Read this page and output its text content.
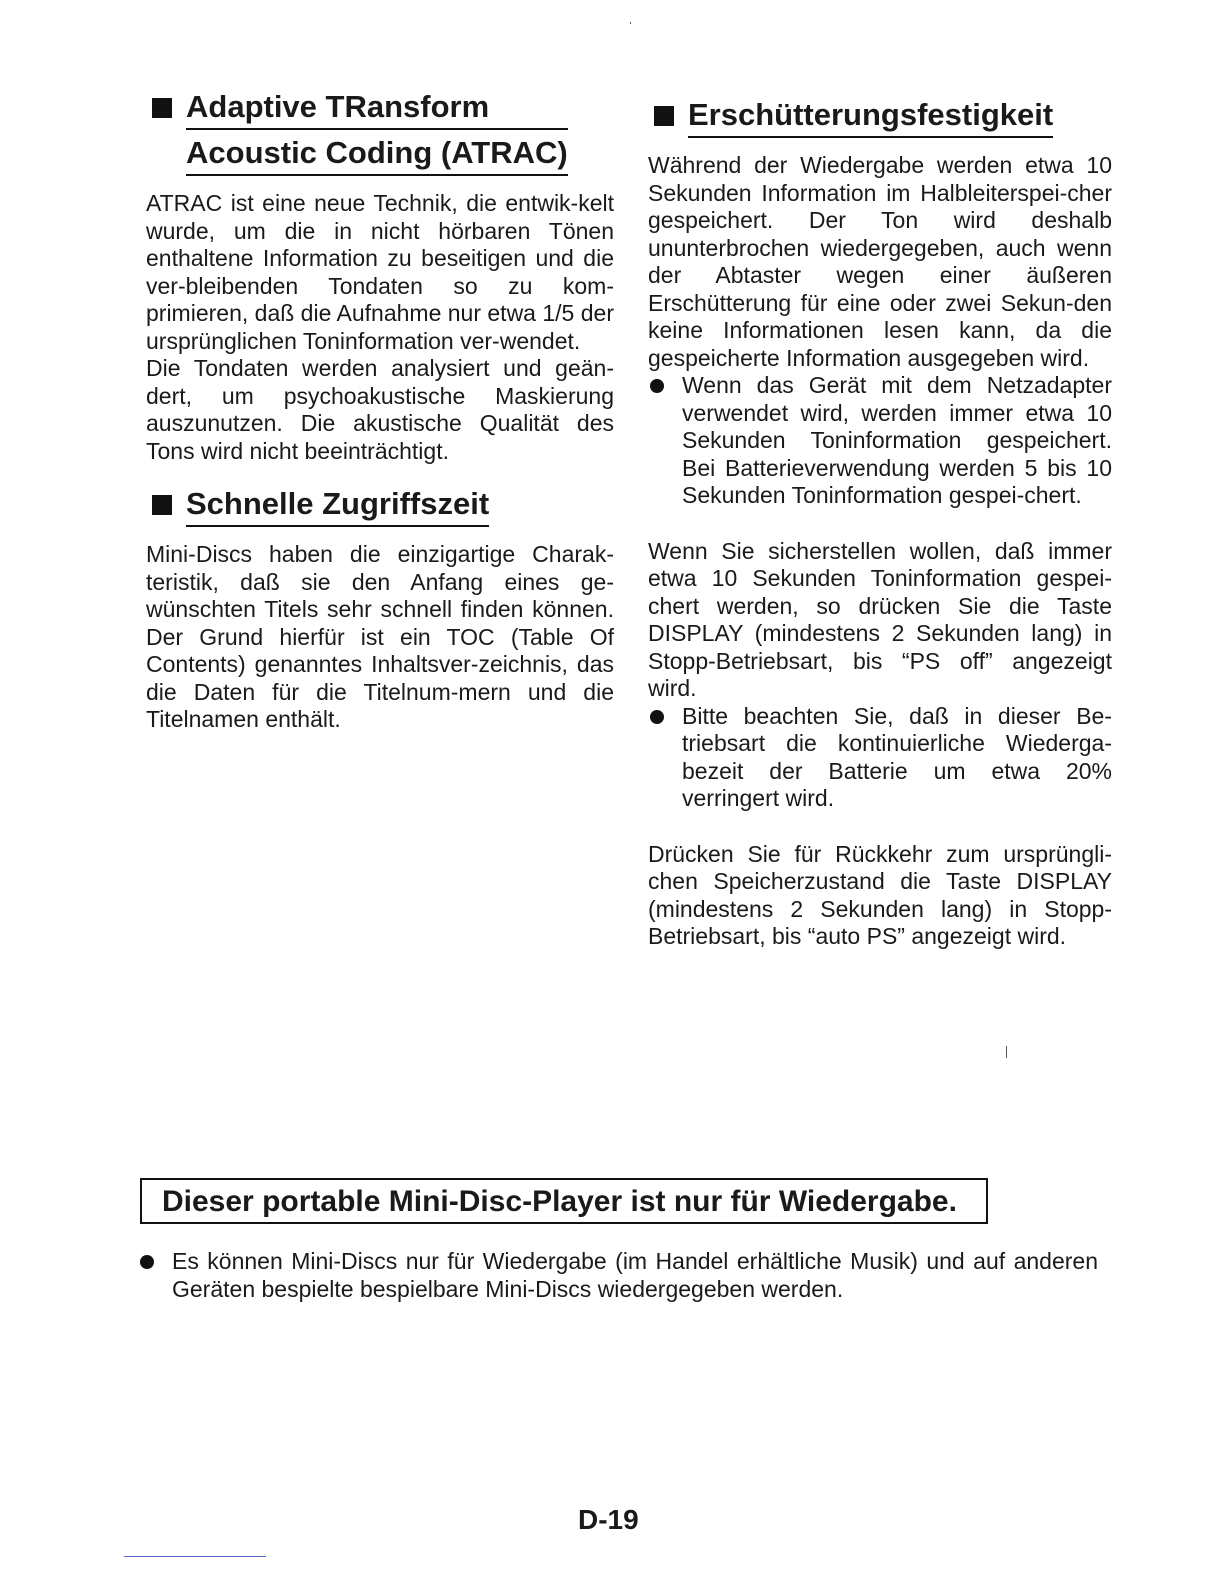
Adaptive TRansform
Acoustic Coding (ATRAC)

ATRAC ist eine neue Technik, die entwik-kelt wurde, um die in nicht hörbaren Tönen enthaltene Information zu beseitigen und die ver-bleibenden Tondaten so zu kom-primieren, daß die Aufnahme nur etwa 1/5 der ursprünglichen Toninformation ver-wendet.

Die Tondaten werden analysiert und geän-dert, um psychoakustische Maskierung auszunutzen. Die akustische Qualität des Tons wird nicht beeinträchtigt.

Schnelle Zugriffszeit

Mini-Discs haben die einzigartige Charak-teristik, daß sie den Anfang eines ge-wünschten Titels sehr schnell finden können. Der Grund hierfür ist ein TOC (Table Of Contents) genanntes Inhaltsver-zeichnis, das die Daten für die Titelnum-mern und die Titelnamen enthält.

Erschütterungsfestigkeit

Während der Wiedergabe werden etwa 10 Sekunden Information im Halbleiterspei-cher gespeichert. Der Ton wird deshalb ununterbrochen wiedergegeben, auch wenn der Abtaster wegen einer äußeren Erschütterung für eine oder zwei Sekun-den keine Informationen lesen kann, da die gespeicherte Information ausgegeben wird.

Wenn das Gerät mit dem Netzadapter verwendet wird, werden immer etwa 10 Sekunden Toninformation gespeichert. Bei Batterieverwendung werden 5 bis 10 Sekunden Toninformation gespei-chert.

Wenn Sie sicherstellen wollen, daß immer etwa 10 Sekunden Toninformation gespei-chert werden, so drücken Sie die Taste DISPLAY (mindestens 2 Sekunden lang) in Stopp-Betriebsart, bis “PS off” angezeigt wird.

Bitte beachten Sie, daß in dieser Be-triebsart die kontinuierliche Wiederga-bezeit der Batterie um etwa 20% verringert wird.

Drücken Sie für Rückkehr zum ursprüngli-chen Speicherzustand die Taste DISPLAY (mindestens 2 Sekunden lang) in Stopp-Betriebsart, bis “auto PS” angezeigt wird.

Dieser portable Mini-Disc-Player ist nur für Wiedergabe.
Es können Mini-Discs nur für Wiedergabe (im Handel erhältliche Musik) und auf anderen Geräten bespielte bespielbare Mini-Discs wiedergegeben werden.
D-19
